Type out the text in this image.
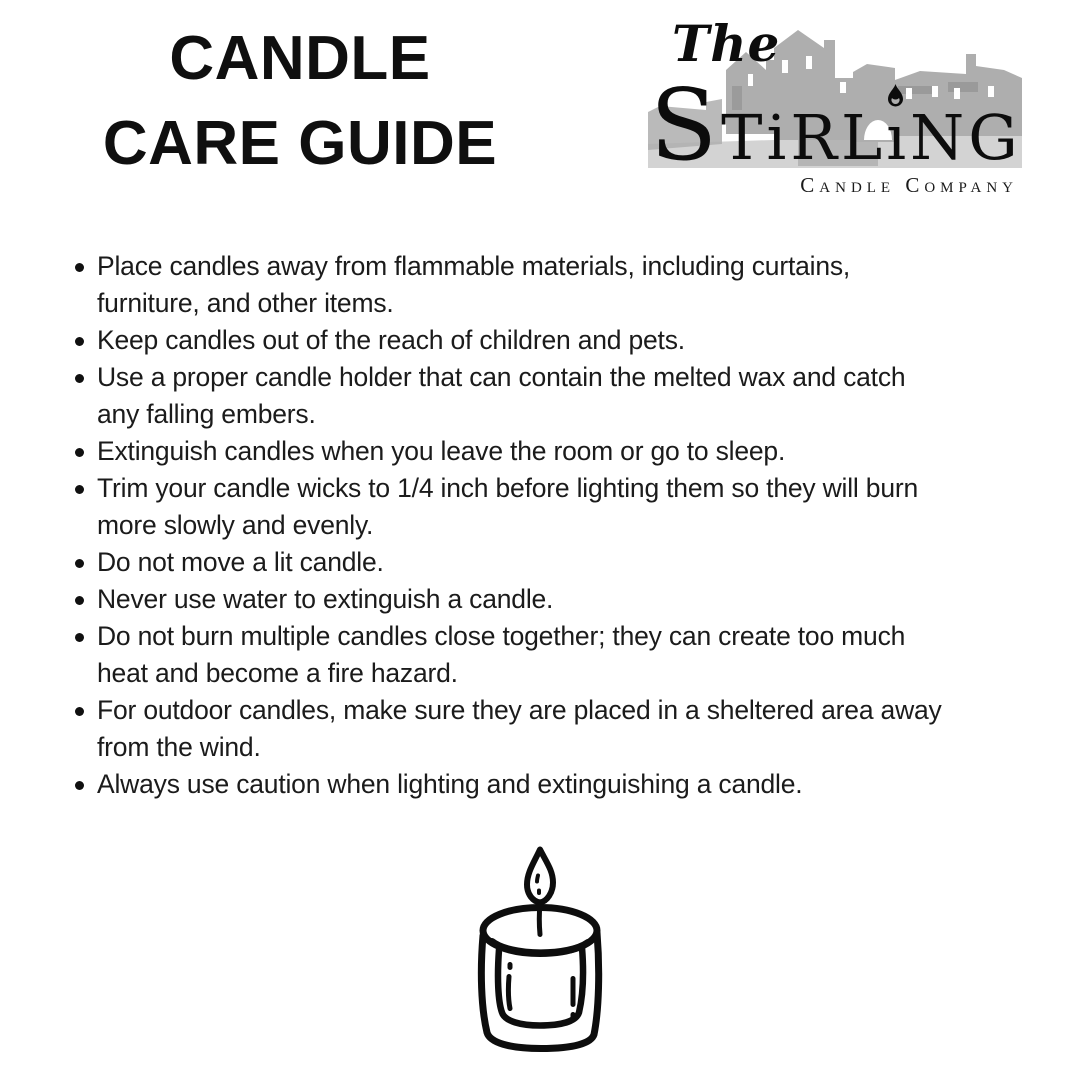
CANDLE
CARE GUIDE
The
STiRL
ıNG
Candle Company
Place candles away from flammable materials, including curtains,
furniture, and other items.
Keep candles out of the reach of children and pets.
Use a proper candle holder that can contain the melted wax and catch
any falling embers.
Extinguish candles when you leave the room or go to sleep.
Trim your candle wicks to 1/4 inch before lighting them so they will burn
more slowly and evenly.
Do not move a lit candle.
Never use water to extinguish a candle.
Do not burn multiple candles close together; they can create too much
heat and become a fire hazard.
For outdoor candles, make sure they are placed in a sheltered area away
from the wind.
Always use caution when lighting and extinguishing a candle.
